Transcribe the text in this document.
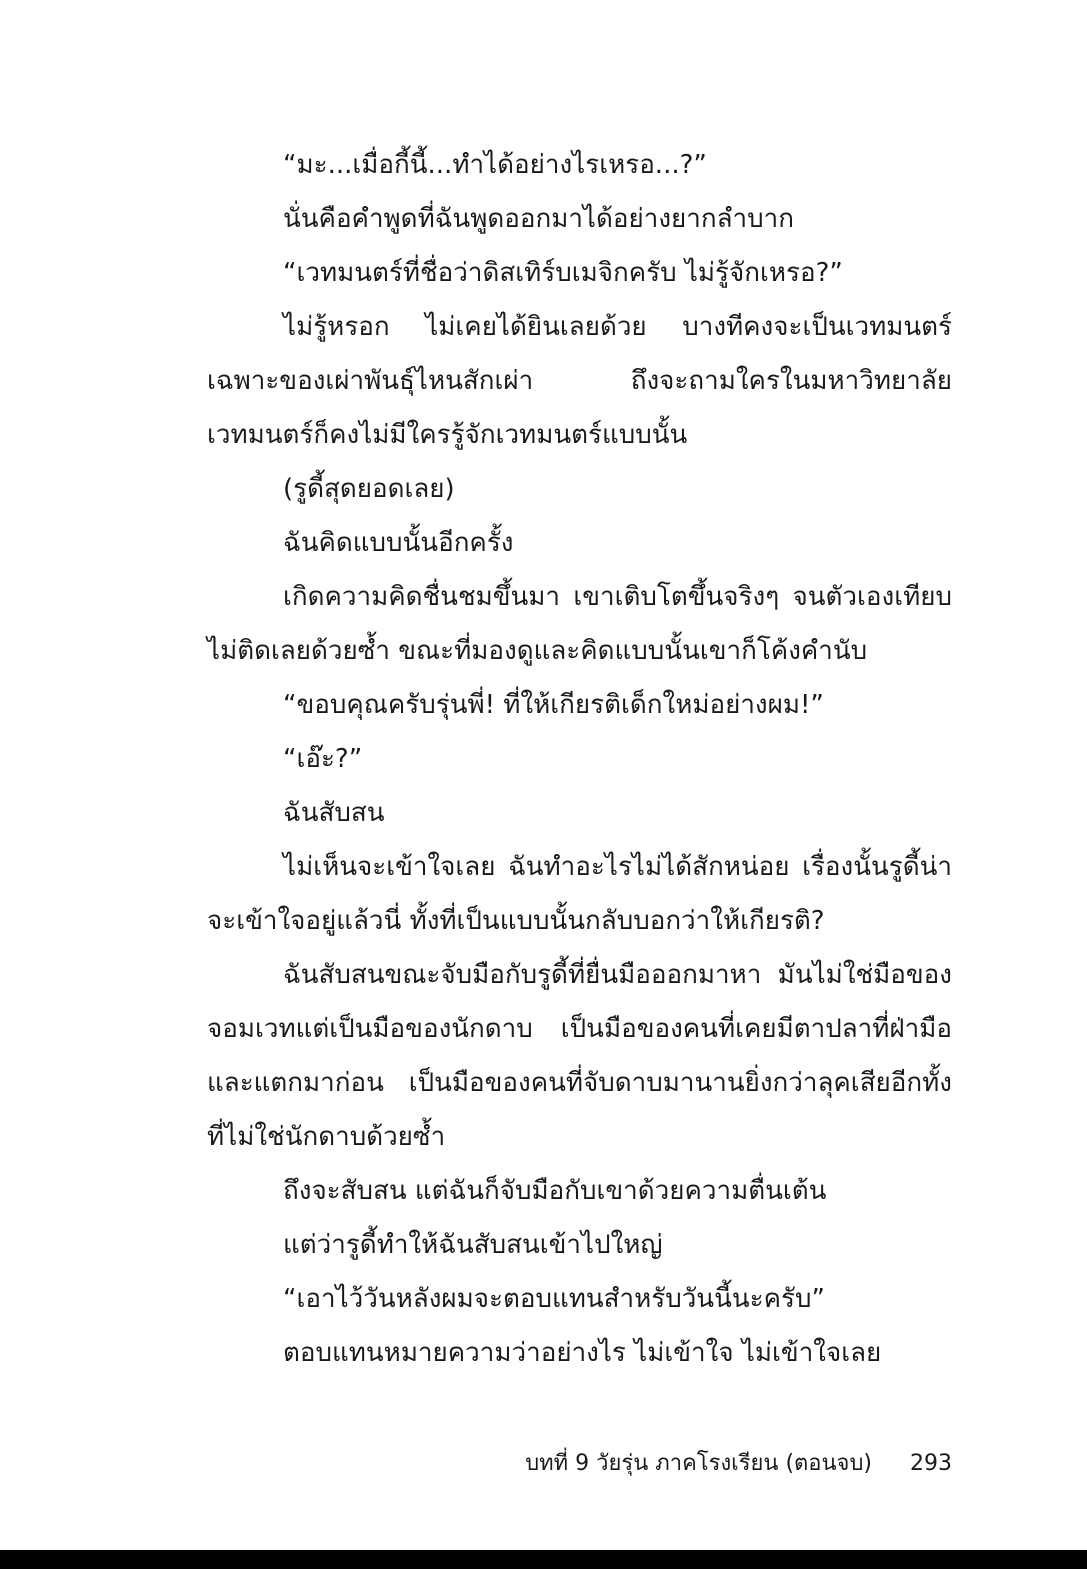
“มะ...เมื่อกี้นี้...ทำได้อย่างไรเหรอ...?”

นั่นคือคำพูดที่ฉันพูดออกมาได้อย่างยากลำบาก

“เวทมนตร์ที่ชื่อว่าดิสเทิร์บเมจิกครับ ไม่รู้จักเหรอ?”

ไม่รู้หรอก ไม่เคยได้ยินเลยด้วย บางทีคงจะเป็นเวทมนตร์เฉพาะของเผ่าพันธุ์ไหนสักเผ่า ถึงจะถามใครในมหาวิทยาลัยเวทมนตร์ก็คงไม่มีใครรู้จักเวทมนตร์แบบนั้น

(รูดี้สุดยอดเลย)

ฉันคิดแบบนั้นอีกครั้ง

เกิดความคิดชื่นชมขึ้นมา เขาเติบโตขึ้นจริงๆ จนตัวเองเทียบไม่ติดเลยด้วยซ้ำ ขณะที่มองดูและคิดแบบนั้นเขาก็โค้งคำนับ

“ขอบคุณครับรุ่นพี่! ที่ให้เกียรติเด็กใหม่อย่างผม!”

“เอ๊ะ?”

ฉันสับสน

ไม่เห็นจะเข้าใจเลย ฉันทำอะไรไม่ได้สักหน่อย เรื่องนั้นรูดี้น่าจะเข้าใจอยู่แล้วนี่ ทั้งที่เป็นแบบนั้นกลับบอกว่าให้เกียรติ?

ฉันสับสนขณะจับมือกับรูดี้ที่ยื่นมือออกมาหา มันไม่ใช่มือของจอมเวทแต่เป็นมือของนักดาบ เป็นมือของคนที่เคยมีตาปลาที่ฝ่ามือและแตกมาก่อน เป็นมือของคนที่จับดาบมานานยิ่งกว่าลุคเสียอีกทั้งที่ไม่ใช่นักดาบด้วยซ้ำ

ถึงจะสับสน แต่ฉันก็จับมือกับเขาด้วยความตื่นเต้น

แต่ว่ารูดี้ทำให้ฉันสับสนเข้าไปใหญ่

“เอาไว้วันหลังผมจะตอบแทนสำหรับวันนี้นะครับ”

ตอบแทนหมายความว่าอย่างไร ไม่เข้าใจ ไม่เข้าใจเลย

บทที่ 9 วัยรุ่น ภาคโรงเรียน (ตอนจบ) 293
